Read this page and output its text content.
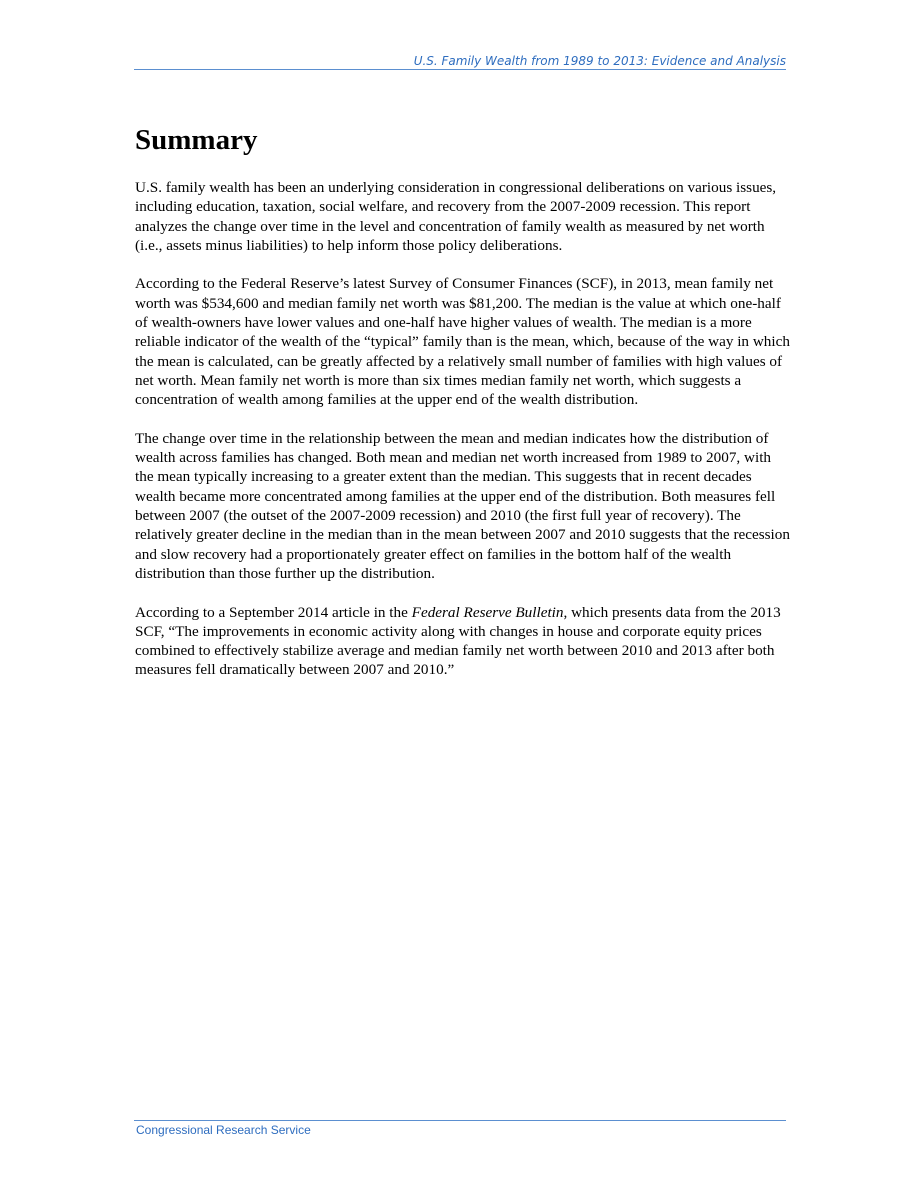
U.S. Family Wealth from 1989 to 2013: Evidence and Analysis
Summary

U.S. family wealth has been an underlying consideration in congressional deliberations on various issues, including education, taxation, social welfare, and recovery from the 2007-2009 recession. This report analyzes the change over time in the level and concentration of family wealth as measured by net worth (i.e., assets minus liabilities) to help inform those policy deliberations.

According to the Federal Reserve’s latest Survey of Consumer Finances (SCF), in 2013, mean family net worth was $534,600 and median family net worth was $81,200. The median is the value at which one-half of wealth-owners have lower values and one-half have higher values of wealth. The median is a more reliable indicator of the wealth of the “typical” family than is the mean, which, because of the way in which the mean is calculated, can be greatly affected by a relatively small number of families with high values of net worth. Mean family net worth is more than six times median family net worth, which suggests a concentration of wealth among families at the upper end of the wealth distribution.

The change over time in the relationship between the mean and median indicates how the distribution of wealth across families has changed. Both mean and median net worth increased from 1989 to 2007, with the mean typically increasing to a greater extent than the median. This suggests that in recent decades wealth became more concentrated among families at the upper end of the distribution. Both measures fell between 2007 (the outset of the 2007-2009 recession) and 2010 (the first full year of recovery). The relatively greater decline in the median than in the mean between 2007 and 2010 suggests that the recession and slow recovery had a proportionately greater effect on families in the bottom half of the wealth distribution than those further up the distribution.

According to a September 2014 article in the Federal Reserve Bulletin, which presents data from the 2013 SCF, “The improvements in economic activity along with changes in house and corporate equity prices combined to effectively stabilize average and median family net worth between 2010 and 2013 after both measures fell dramatically between 2007 and 2010.”

Congressional Research Service
